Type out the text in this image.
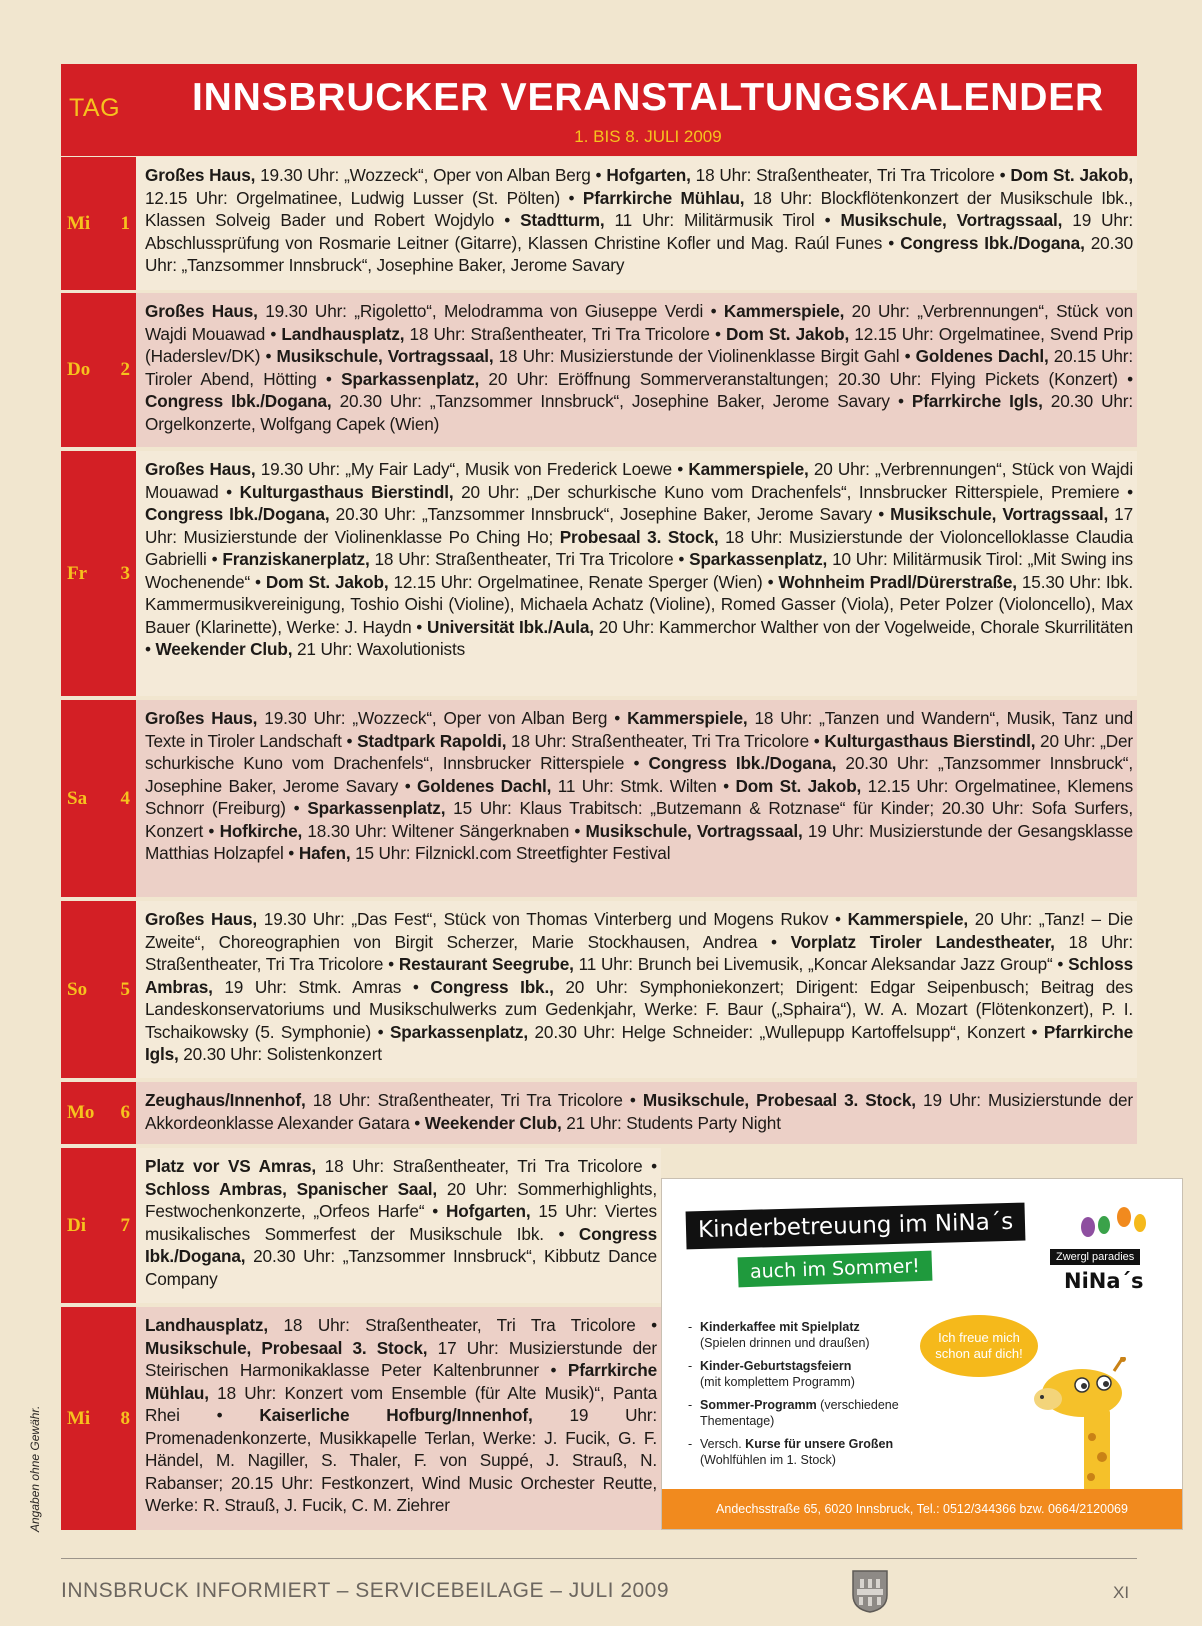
TAG	INNSBRUCKER VERANSTALTUNGSKALENDER
1. BIS 8. JULI 2009
Mi 1
Großes Haus, 19.30 Uhr: „Wozzeck“, Oper von Alban Berg • Hofgarten, 18 Uhr: Straßentheater, Tri Tra Tricolore • Dom St. Jakob, 12.15 Uhr: Orgelmatinee, Ludwig Lusser (St. Pölten) • Pfarrkirche Mühlau, 18 Uhr: Blockflötenkonzert der Musikschule Ibk., Klassen Solveig Bader und Robert Wojdylo • Stadtturm, 11 Uhr: Militärmusik Tirol • Musikschule, Vortragssaal, 19 Uhr: Abschlussprüfung von Rosmarie Leitner (Gitarre), Klassen Christine Kofler und Mag. Raúl Funes • Congress Ibk./Dogana, 20.30 Uhr: „Tanzsommer Innsbruck“, Josephine Baker, Jerome Savary
Do 2
Großes Haus, 19.30 Uhr: „Rigoletto“, Melodramma von Giuseppe Verdi • Kammerspiele, 20 Uhr: „Verbrennungen“, Stück von Wajdi Mouawad • Landhausplatz, 18 Uhr: Straßentheater, Tri Tra Tricolore • Dom St. Jakob, 12.15 Uhr: Orgelmatinee, Svend Prip (Haderslev/DK) • Musikschule, Vortragssaal, 18 Uhr: Musizierstunde der Violinenklasse Birgit Gahl • Goldenes Dachl, 20.15 Uhr: Tiroler Abend, Hötting • Sparkassenplatz, 20 Uhr: Eröffnung Sommerveranstaltungen; 20.30 Uhr: Flying Pickets (Konzert) • Congress Ibk./Dogana, 20.30 Uhr: „Tanzsommer Innsbruck“, Josephine Baker, Jerome Savary • Pfarrkirche Igls, 20.30 Uhr: Orgelkonzerte, Wolfgang Capek (Wien)
Fr 3
Großes Haus, 19.30 Uhr: „My Fair Lady“, Musik von Frederick Loewe • Kammerspiele, 20 Uhr: „Verbrennungen“, Stück von Wajdi Mouawad • Kulturgasthaus Bierstindl, 20 Uhr: „Der schurkische Kuno vom Drachenfels“, Innsbrucker Ritterspiele, Premiere • Congress Ibk./Dogana, 20.30 Uhr: „Tanzsommer Innsbruck“, Josephine Baker, Jerome Savary • Musikschule, Vortragssaal, 17 Uhr: Musizierstunde der Violinenklasse Po Ching Ho; Probesaal 3. Stock, 18 Uhr: Musizierstunde der Violoncelloklasse Claudia Gabrielli • Franziskanerplatz, 18 Uhr: Straßentheater, Tri Tra Tricolore • Sparkassenplatz, 10 Uhr: Militärmusik Tirol: „Mit Swing ins Wochenende“ • Dom St. Jakob, 12.15 Uhr: Orgelmatinee, Renate Sperger (Wien) • Wohnheim Pradl/Dürerstraße, 15.30 Uhr: Ibk. Kammermusikvereinigung, Toshio Oishi (Violine), Michaela Achatz (Violine), Romed Gasser (Viola), Peter Polzer (Violoncello), Max Bauer (Klarinette), Werke: J. Haydn • Universität Ibk./Aula, 20 Uhr: Kammerchor Walther von der Vogelweide, Chorale Skurrilitäten • Weekender Club, 21 Uhr: Waxolutionists
Sa 4
Großes Haus, 19.30 Uhr: „Wozzeck“, Oper von Alban Berg • Kammerspiele, 18 Uhr: „Tanzen und Wandern“, Musik, Tanz und Texte in Tiroler Landschaft • Stadtpark Rapoldi, 18 Uhr: Straßentheater, Tri Tra Tricolore • Kulturgasthaus Bierstindl, 20 Uhr: „Der schurkische Kuno vom Drachenfels“, Innsbrucker Ritterspiele • Congress Ibk./Dogana, 20.30 Uhr: „Tanzsommer Innsbruck“, Josephine Baker, Jerome Savary • Goldenes Dachl, 11 Uhr: Stmk. Wilten • Dom St. Jakob, 12.15 Uhr: Orgelmatinee, Klemens Schnorr (Freiburg) • Sparkassenplatz, 15 Uhr: Klaus Trabitsch: „Butzemann & Rotznase“ für Kinder; 20.30 Uhr: Sofa Surfers, Konzert • Hofkirche, 18.30 Uhr: Wiltener Sängerknaben • Musikschule, Vortragssaal, 19 Uhr: Musizierstunde der Gesangsklasse Matthias Holzapfel • Hafen, 15 Uhr: Filznickl.com Streetfighter Festival
So 5
Großes Haus, 19.30 Uhr: „Das Fest“, Stück von Thomas Vinterberg und Mogens Rukov • Kammerspiele, 20 Uhr: „Tanz! – Die Zweite“, Choreographien von Birgit Scherzer, Marie Stockhausen, Andrea • Vorplatz Tiroler Landestheater, 18 Uhr: Straßentheater, Tri Tra Tricolore • Restaurant Seegrube, 11 Uhr: Brunch bei Livemusik, „Koncar Aleksandar Jazz Group“ • Schloss Ambras, 19 Uhr: Stmk. Amras • Congress Ibk., 20 Uhr: Symphoniekonzert; Dirigent: Edgar Seipenbusch; Beitrag des Landeskonservatoriums und Musikschulwerks zum Gedenkjahr, Werke: F. Baur („Sphaira“), W. A. Mozart (Flötenkonzert), P. I. Tschaikowsky (5. Symphonie) • Sparkassenplatz, 20.30 Uhr: Helge Schneider: „Wullepupp Kartoffelsupp“, Konzert • Pfarrkirche Igls, 20.30 Uhr: Solistenkonzert
Mo 6
Zeughaus/Innenhof, 18 Uhr: Straßentheater, Tri Tra Tricolore • Musikschule, Probesaal 3. Stock, 19 Uhr: Musizierstunde der Akkordeonklasse Alexander Gatara • Weekender Club, 21 Uhr: Students Party Night
Di 7
Platz vor VS Amras, 18 Uhr: Straßentheater, Tri Tra Tricolore • Schloss Ambras, Spanischer Saal, 20 Uhr: Sommerhighlights, Festwochenkonzerte, „Orfeos Harfe“ • Hofgarten, 15 Uhr: Viertes musikalisches Sommerfest der Musikschule Ibk. • Congress Ibk./Dogana, 20.30 Uhr: „Tanzsommer Innsbruck“, Kibbutz Dance Company
Mi 8
Landhausplatz, 18 Uhr: Straßentheater, Tri Tra Tricolore • Musikschule, Probesaal 3. Stock, 17 Uhr: Musizierstunde der Steirischen Harmonikaklasse Peter Kaltenbrunner • Pfarrkirche Mühlau, 18 Uhr: Konzert vom Ensemble (für Alte Musik)“, Panta Rhei • Kaiserliche Hofburg/Innenhof, 19 Uhr: Promenadenkonzerte, Musikkapelle Terlan, Werke: J. Fucik, G. F. Händel, M. Nagiller, S. Thaler, F. von Suppé, J. Strauß, N. Rabanser; 20.15 Uhr: Festkonzert, Wind Music Orchester Reutte, Werke: R. Strauß, J. Fucik, C. M. Ziehrer
Kinderbetreuung im NiNa´s
auch im Sommer!	Zwergl paradies
NiNa´s
- Kinderkaffee mit Spielplatz
(Spielen drinnen und draußen)
- Kinder-Geburtstagsfeiern
(mit komplettem Programm)
- Sommer-Programm (verschiedene
Thementage)
- Versch. Kurse für unsere Großen
(Wohlfühlen im 1. Stock)
Ich freue mich schon auf dich!
Andechsstraße 65, 6020 Innsbruck, Tel.: 0512/344366 bzw. 0664/2120069
Angaben ohne Gewähr.
INNSBRUCK INFORMIERT – SERVICEBEILAGE – JULI 2009	XI
